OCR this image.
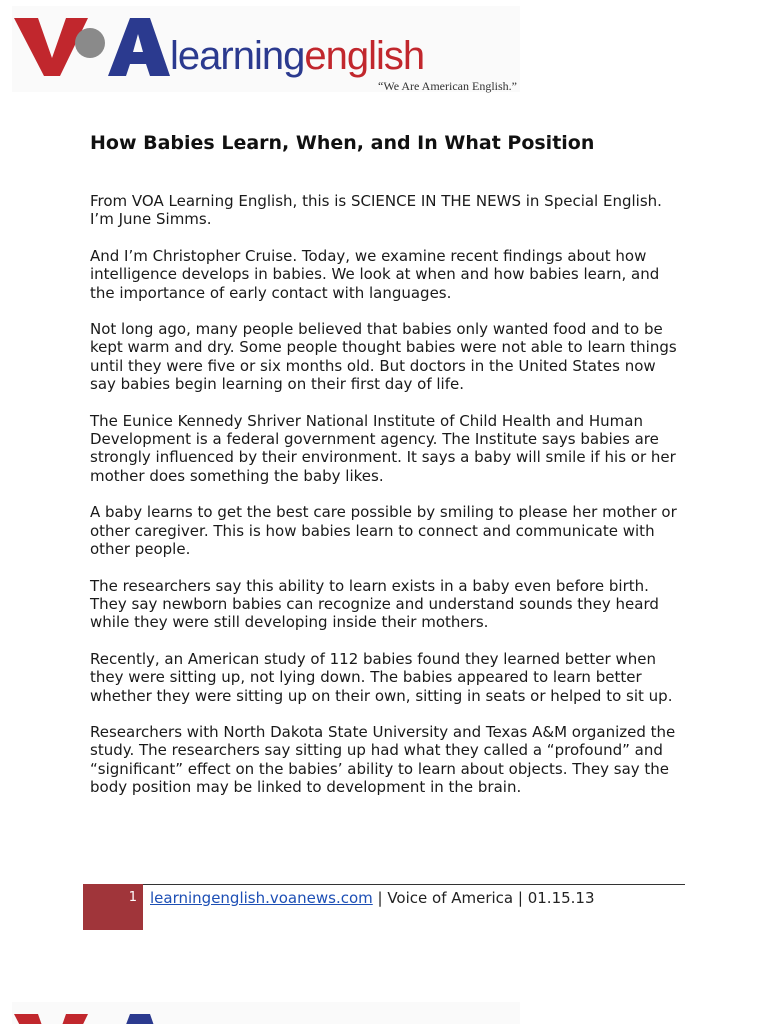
learningenglish
“We Are American English.”
How Babies Learn, When, and In What Position

From VOA Learning English, this is SCIENCE IN THE NEWS in Special English. I’m June Simms.

And I’m Christopher Cruise. Today, we examine recent findings about how intelligence develops in babies. We look at when and how babies learn, and the importance of early contact with languages.

Not long ago, many people believed that babies only wanted food and to be kept warm and dry. Some people thought babies were not able to learn things until they were five or six months old. But doctors in the United States now say babies begin learning on their first day of life.

The Eunice Kennedy Shriver National Institute of Child Health and Human Development is a federal government agency. The Institute says babies are strongly influenced by their environment. It says a baby will smile if his or her mother does something the baby likes.

A baby learns to get the best care possible by smiling to please her mother or other caregiver. This is how babies learn to connect and communicate with other people.

The researchers say this ability to learn exists in a baby even before birth. They say newborn babies can recognize and understand sounds they heard while they were still developing inside their mothers.

Recently, an American study of 112 babies found they learned better when they were sitting up, not lying down. The babies appeared to learn better whether they were sitting up on their own, sitting in seats or helped to sit up.

Researchers with North Dakota State University and Texas A&M organized the study. The researchers say sitting up had what they called a “profound” and “significant” effect on the babies’ ability to learn about objects. They say the body position may be linked to development in the brain.

1 learningenglish.voanews.com | Voice of America | 01.15.13
